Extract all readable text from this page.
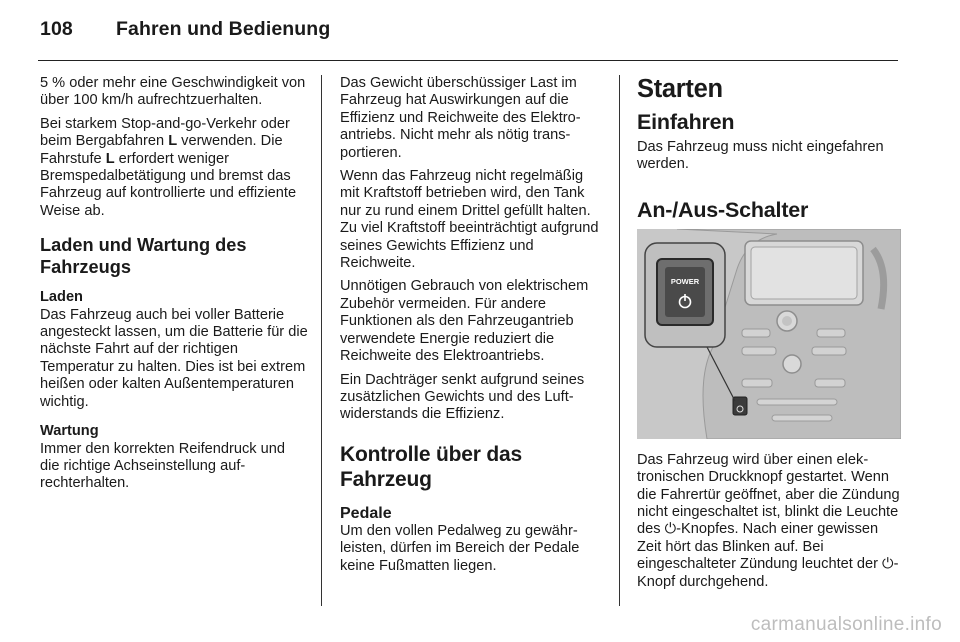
108	Fahren und Bedienung

5 % oder mehr eine Geschwindigkeit von über 100 km/h aufrechtzuerhalten.

Bei starkem Stop-and-go-Verkehr oder beim Bergabfahren L verwenden. Die Fahrstufe L erfordert weniger Bremspedalbetätigung und bremst das Fahrzeug auf kontrollierte und effiziente Weise ab.

Laden und Wartung des Fahrzeugs
Laden

Das Fahrzeug auch bei voller Batterie angesteckt lassen, um die Batterie für die nächste Fahrt auf der richtigen Temperatur zu halten. Dies ist bei extrem heißen oder kalten Außentemperaturen wichtig.

Wartung

Immer den korrekten Reifendruck und die richtige Achseinstellung aufrechterhalten.

Das Gewicht überschüssiger Last im Fahrzeug hat Auswirkungen auf die Effizienz und Reichweite des Elektroantriebs. Nicht mehr als nötig transportieren.

Wenn das Fahrzeug nicht regelmäßig mit Kraftstoff betrieben wird, den Tank nur zu rund einem Drittel gefüllt halten. Zu viel Kraftstoff beeinträchtigt aufgrund seines Gewichts Effizienz und Reichweite.

Unnötigen Gebrauch von elektrischem Zubehör vermeiden. Für andere Funktionen als den Fahrzeugantrieb verwendete Energie reduziert die Reichweite des Elektroantriebs.

Ein Dachträger senkt aufgrund seines zusätzlichen Gewichts und des Luftwiderstands die Effizienz.

Kontrolle über das Fahrzeug
Pedale

Um den vollen Pedalweg zu gewährleisten, dürfen im Bereich der Pedale keine Fußmatten liegen.

Starten
Einfahren

Das Fahrzeug muss nicht eingefahren werden.

An-/Aus-Schalter
POWER

Das Fahrzeug wird über einen elektronischen Druckknopf gestartet. Wenn die Fahrertür geöffnet, aber die Zündung nicht eingeschaltet ist, blinkt die Leuchte des ⏻-Knopfes. Nach einer gewissen Zeit hört das Blinken auf. Bei eingeschalteter Zündung leuchtet der ⏻-Knopf durchgehend.

carmanualsonline.info
